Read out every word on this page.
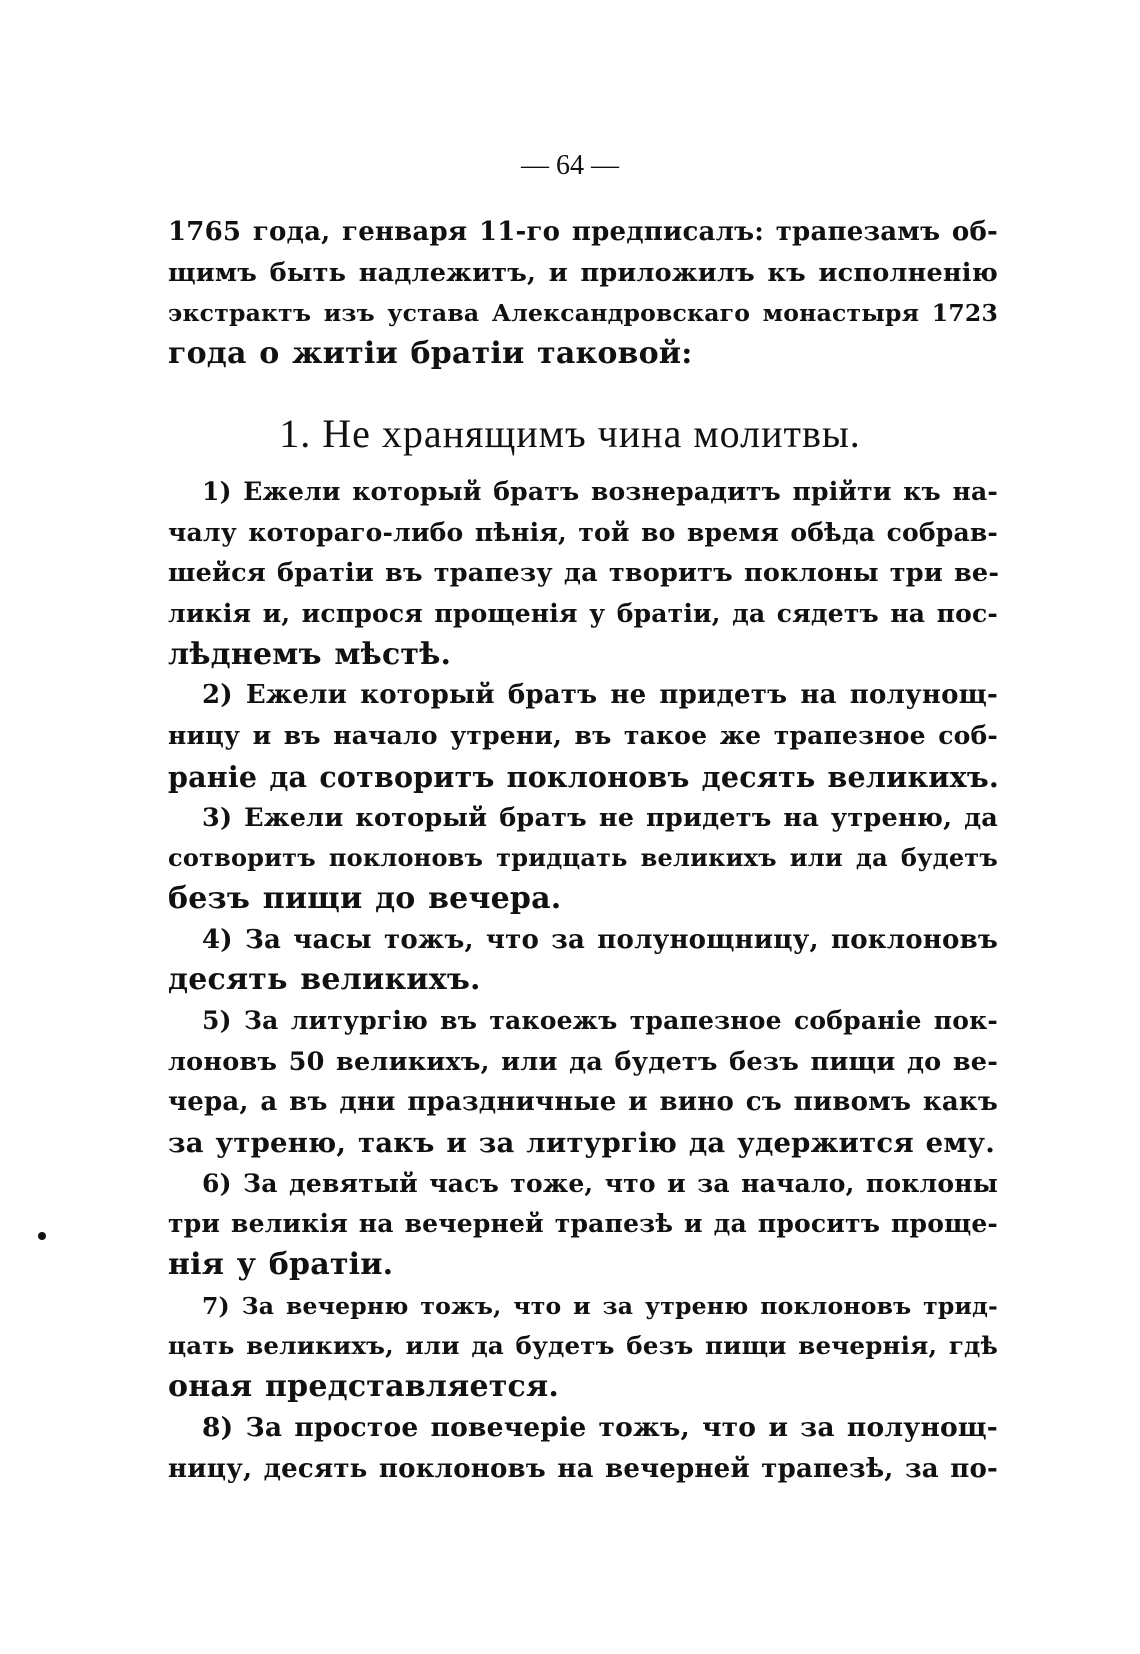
— 64 —
1765 года, генваря 11-го предписалъ: трапезамъ об-
щимъ быть надлежитъ, и приложилъ къ исполненію
экстрактъ изъ устава Александровскаго монастыря 1723
года о житіи братіи таковой:
1. Не хранящимъ чина молитвы.
1) Ежели который братъ вознерадитъ прійти къ на-
чалу котораго-либо пѣнія, той во время обѣда собрав-
шейся братіи въ трапезу да творитъ поклоны три ве-
ликія и, испрося прощенія у братіи, да сядетъ на пос-
лѣднемъ мѣстѣ.
2) Ежели который братъ не придетъ на полунощ-
ницу и въ начало утрени, въ такое же трапезное соб-
раніе да сотворитъ поклоновъ десять великихъ.
3) Ежели который братъ не придетъ на утреню, да
сотворитъ поклоновъ тридцать великихъ или да будетъ
безъ пищи до вечера.
4) За часы тожъ, что за полунощницу, поклоновъ
десять великихъ.
5) За литургію въ такоежъ трапезное собраніе пок-
лоновъ 50 великихъ, или да будетъ безъ пищи до ве-
чера, а въ дни праздничные и вино съ пивомъ какъ
за утреню, такъ и за литургію да удержится ему.
6) За девятый часъ тоже, что и за начало, поклоны
три великія на вечерней трапезѣ и да проситъ проще-
нія у братіи.
7) За вечерню тожъ, что и за утреню поклоновъ трид-
цать великихъ, или да будетъ безъ пищи вечернія, гдѣ
оная представляется.
8) За простое повечеріе тожъ, что и за полунощ-
ницу, десять поклоновъ на вечерней трапезѣ, за по-
